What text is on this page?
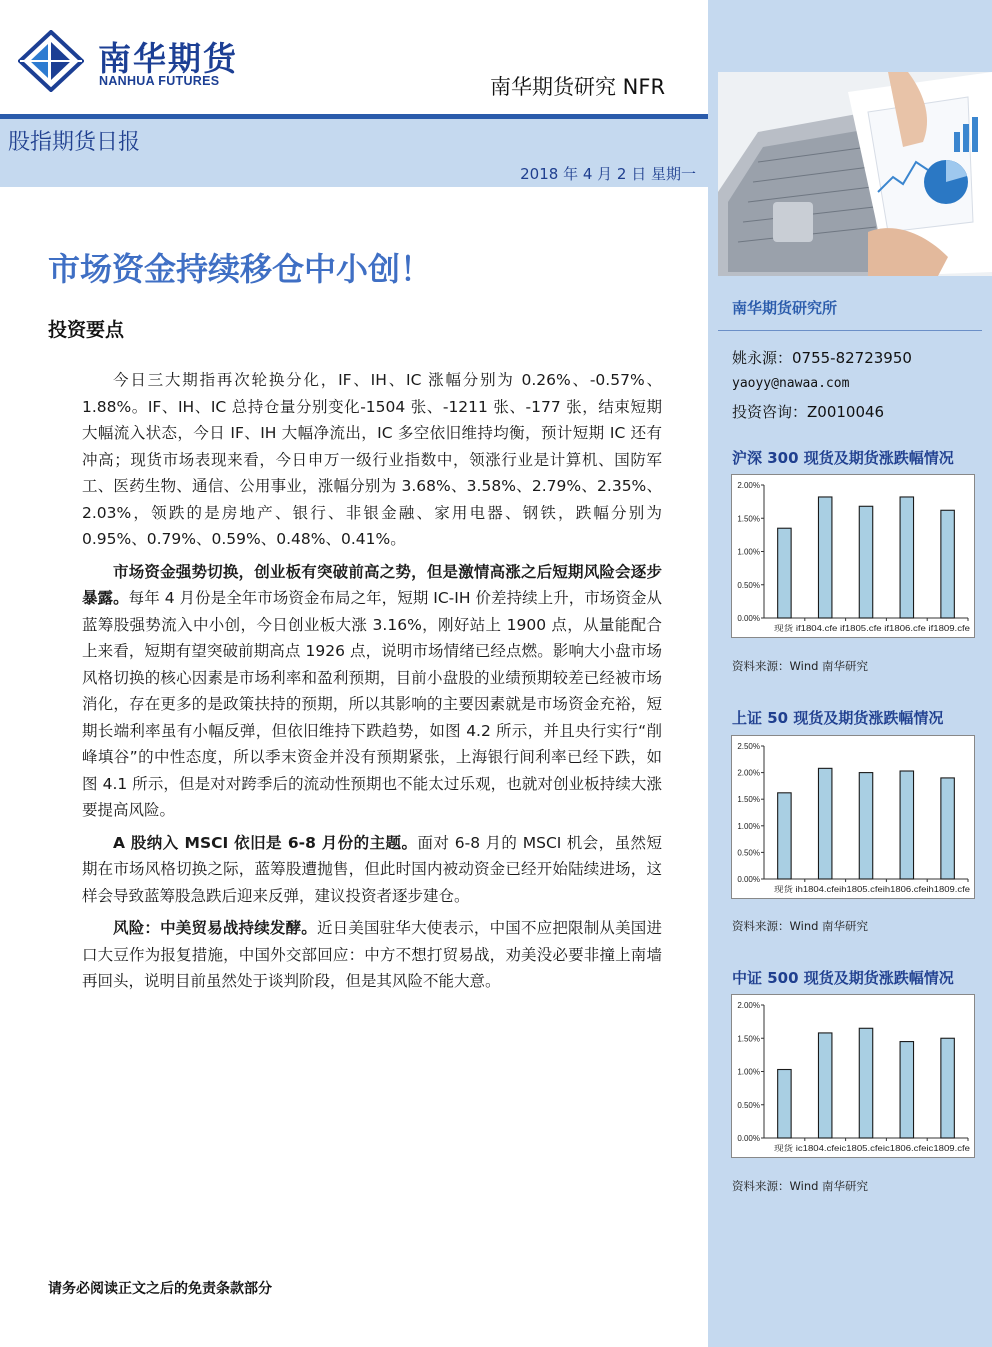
南华期货
NANHUA FUTURES	南华期货研究 NFR
股指期货日报
2018 年 4 月 2 日 星期一
市场资金持续移仓中小创！
投资要点

今日三大期指再次轮换分化，IF、IH、IC 涨幅分别为 0.26%、-0.57%、1.88%。IF、IH、IC 总持仓量分别变化-1504 张、-1211 张、-177 张，结束短期大幅流入状态，今日 IF、IH 大幅净流出，IC 多空依旧维持均衡，预计短期 IC 还有冲高；现货市场表现来看，今日申万一级行业指数中，领涨行业是计算机、国防军工、医药生物、通信、公用事业，涨幅分别为 3.68%、3.58%、2.79%、2.35%、2.03%，领跌的是房地产、银行、非银金融、家用电器、钢铁，跌幅分别为 0.95%、0.79%、0.59%、0.48%、0.41%。

市场资金强势切换，创业板有突破前高之势，但是激情高涨之后短期风险会逐步暴露。每年 4 月份是全年市场资金布局之年，短期 IC-IH 价差持续上升，市场资金从蓝筹股强势流入中小创，今日创业板大涨 3.16%，刚好站上 1900 点，从量能配合上来看，短期有望突破前期高点 1926 点，说明市场情绪已经点燃。影响大小盘市场风格切换的核心因素是市场利率和盈利预期，目前小盘股的业绩预期较差已经被市场消化，存在更多的是政策扶持的预期，所以其影响的主要因素就是市场资金充裕，短期长端利率虽有小幅反弹，但依旧维持下跌趋势，如图 4.2 所示，并且央行实行“削峰填谷”的中性态度，所以季末资金并没有预期紧张，上海银行间利率已经下跌，如图 4.1 所示，但是对对跨季后的流动性预期也不能太过乐观，也就对创业板持续大涨要提高风险。

A 股纳入 MSCI 依旧是 6-8 月份的主题。面对 6-8 月的 MSCI 机会，虽然短期在市场风格切换之际，蓝筹股遭抛售，但此时国内被动资金已经开始陆续进场，这样会导致蓝筹股急跌后迎来反弹，建议投资者逐步建仓。

风险：中美贸易战持续发酵。近日美国驻华大使表示，中国不应把限制从美国进口大豆作为报复措施，中国外交部回应：中方不想打贸易战，劝美没必要非撞上南墙再回头，说明目前虽然处于谈判阶段，但是其风险不能大意。

请务必阅读正文之后的免责条款部分
南华期货研究所
姚永源：0755-82723950
yaoyy@nawaa.com
投资咨询：Z0010046
沪深 300 现货及期货涨跌幅情况
2.00%
1.50%
1.00%
0.50%
0.00%
现货 if1804.cfe if1805.cfe if1806.cfe if1809.cfe
资料来源：Wind 南华研究
上证 50 现货及期货涨跌幅情况
2.50%
2.00%
1.50%
1.00%
0.50%
0.00%
现货 ih1804.cfeih1805.cfeih1806.cfeih1809.cfe
资料来源：Wind 南华研究
中证 500 现货及期货涨跌幅情况
2.00%
1.50%
1.00%
0.50%
0.00%
现货 ic1804.cfeic1805.cfeic1806.cfeic1809.cfe
资料来源：Wind 南华研究
